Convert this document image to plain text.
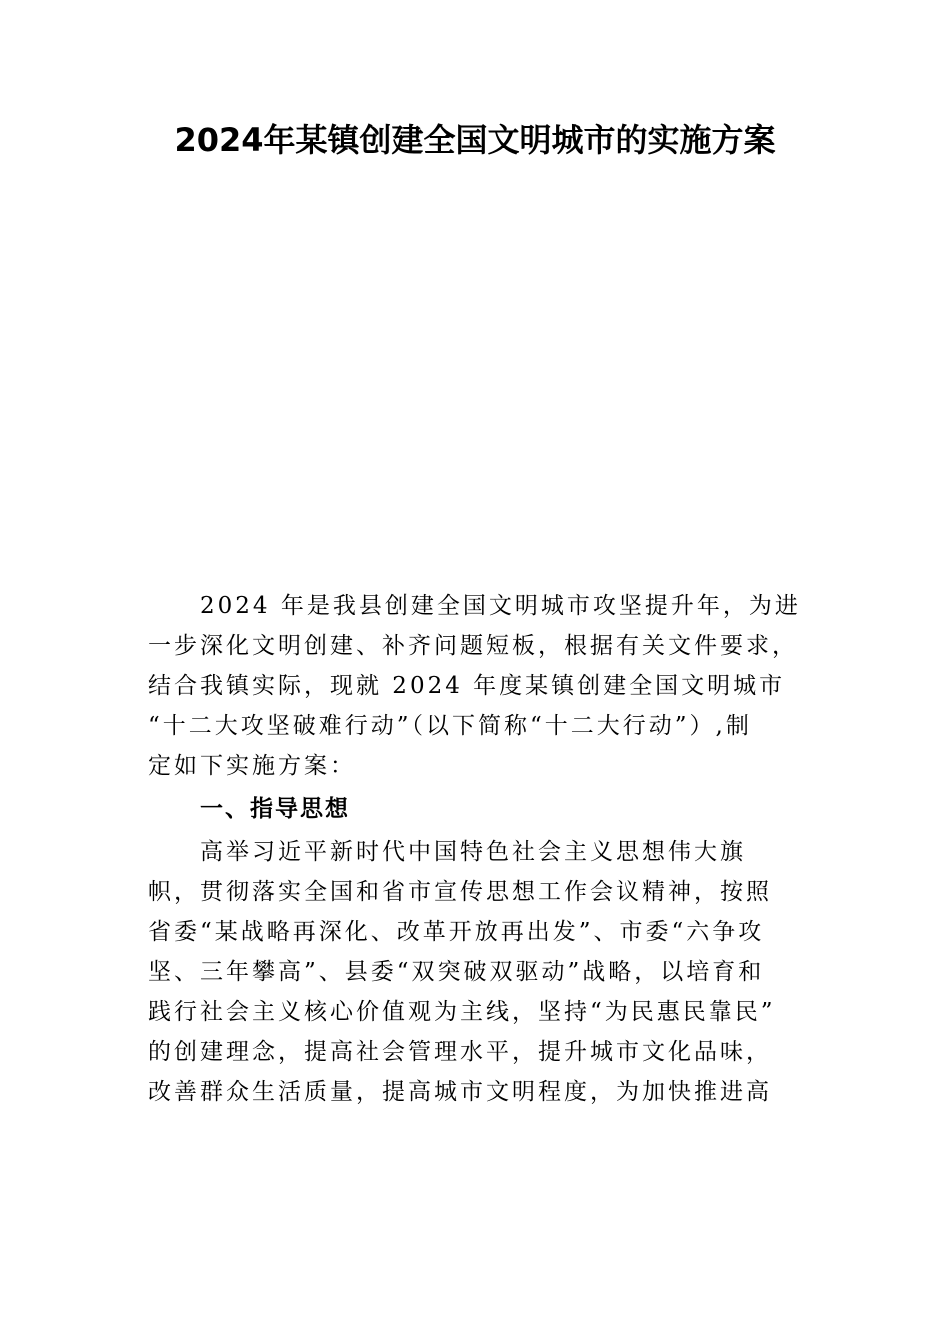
2024年某镇创建全国文明城市的实施方案
2024 年是我县创建全国文明城市攻坚提升年，为进
一步深化文明创建、补齐问题短板，根据有关文件要求，
结合我镇实际，现就 2024 年度某镇创建全国文明城市
“十二大攻坚破难行动”（以下简称“十二大行动”）,制
定如下实施方案：
一、指导思想
高举习近平新时代中国特色社会主义思想伟大旗
帜，贯彻落实全国和省市宣传思想工作会议精神，按照
省委“某战略再深化、改革开放再出发”、市委“六争攻
坚、三年攀高”、县委“双突破双驱动”战略，以培育和
践行社会主义核心价值观为主线，坚持“为民惠民靠民”
的创建理念，提高社会管理水平，提升城市文化品味，
改善群众生活质量，提高城市文明程度，为加快推进高
